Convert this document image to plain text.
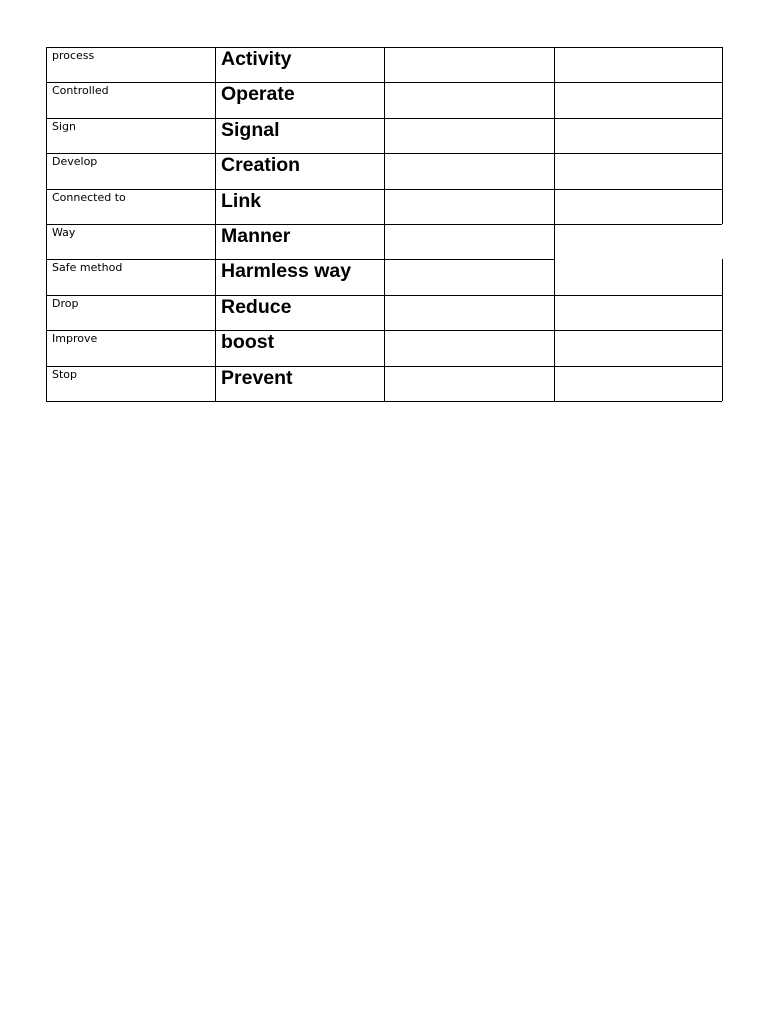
process	Activity
Controlled	Operate
Sign	Signal
Develop	Creation
Connected to	Link
Way	Manner
Safe method	Harmless way
Drop	Reduce
Improve	boost
Stop	Prevent
